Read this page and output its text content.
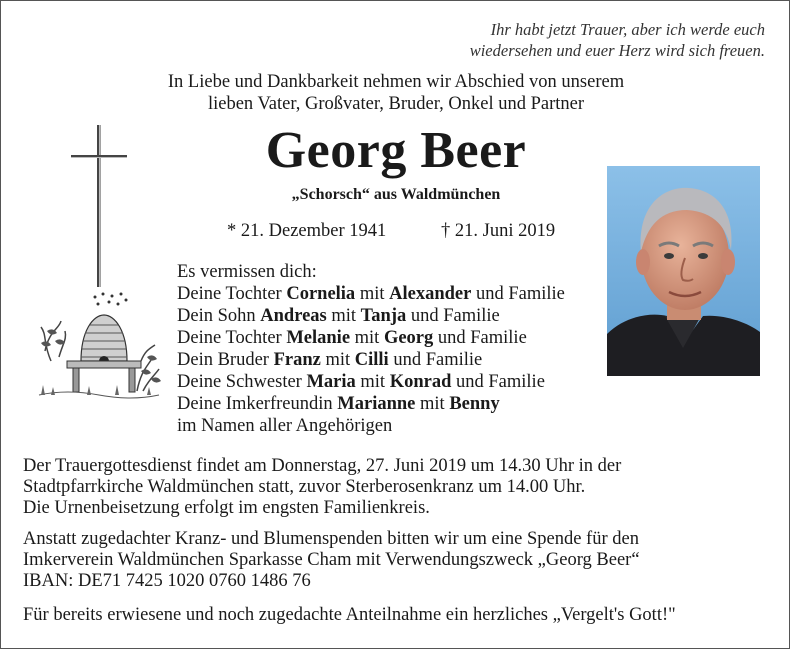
Ihr habt jetzt Trauer, aber ich werde euch
wiedersehen und euer Herz wird sich freuen.
In Liebe und Dankbarkeit nehmen wir Abschied von unserem
lieben Vater, Großvater, Bruder, Onkel und Partner
Georg Beer
„Schorsch“ aus Waldmünchen
* 21. Dezember 1941	† 21. Juni 2019
Es vermissen dich:
Deine Tochter Cornelia mit Alexander und Familie
Dein Sohn Andreas mit Tanja und Familie
Deine Tochter Melanie mit Georg und Familie
Dein Bruder Franz mit Cilli und Familie
Deine Schwester Maria mit Konrad und Familie
Deine Imkerfreundin Marianne mit Benny
im Namen aller Angehörigen
Der Trauergottesdienst findet am Donnerstag, 27. Juni 2019 um 14.30 Uhr in der
Stadtpfarrkirche Waldmünchen statt, zuvor Sterberosenkranz um 14.00 Uhr.
Die Urnenbeisetzung erfolgt im engsten Familienkreis.
Anstatt zugedachter Kranz- und Blumenspenden bitten wir um eine Spende für den
Imkerverein Waldmünchen Sparkasse Cham mit Verwendungszweck „Georg Beer“
IBAN: DE71 7425 1020 0760 1486 76
Für bereits erwiesene und noch zugedachte Anteilnahme ein herzliches „Vergelt's Gott!"
